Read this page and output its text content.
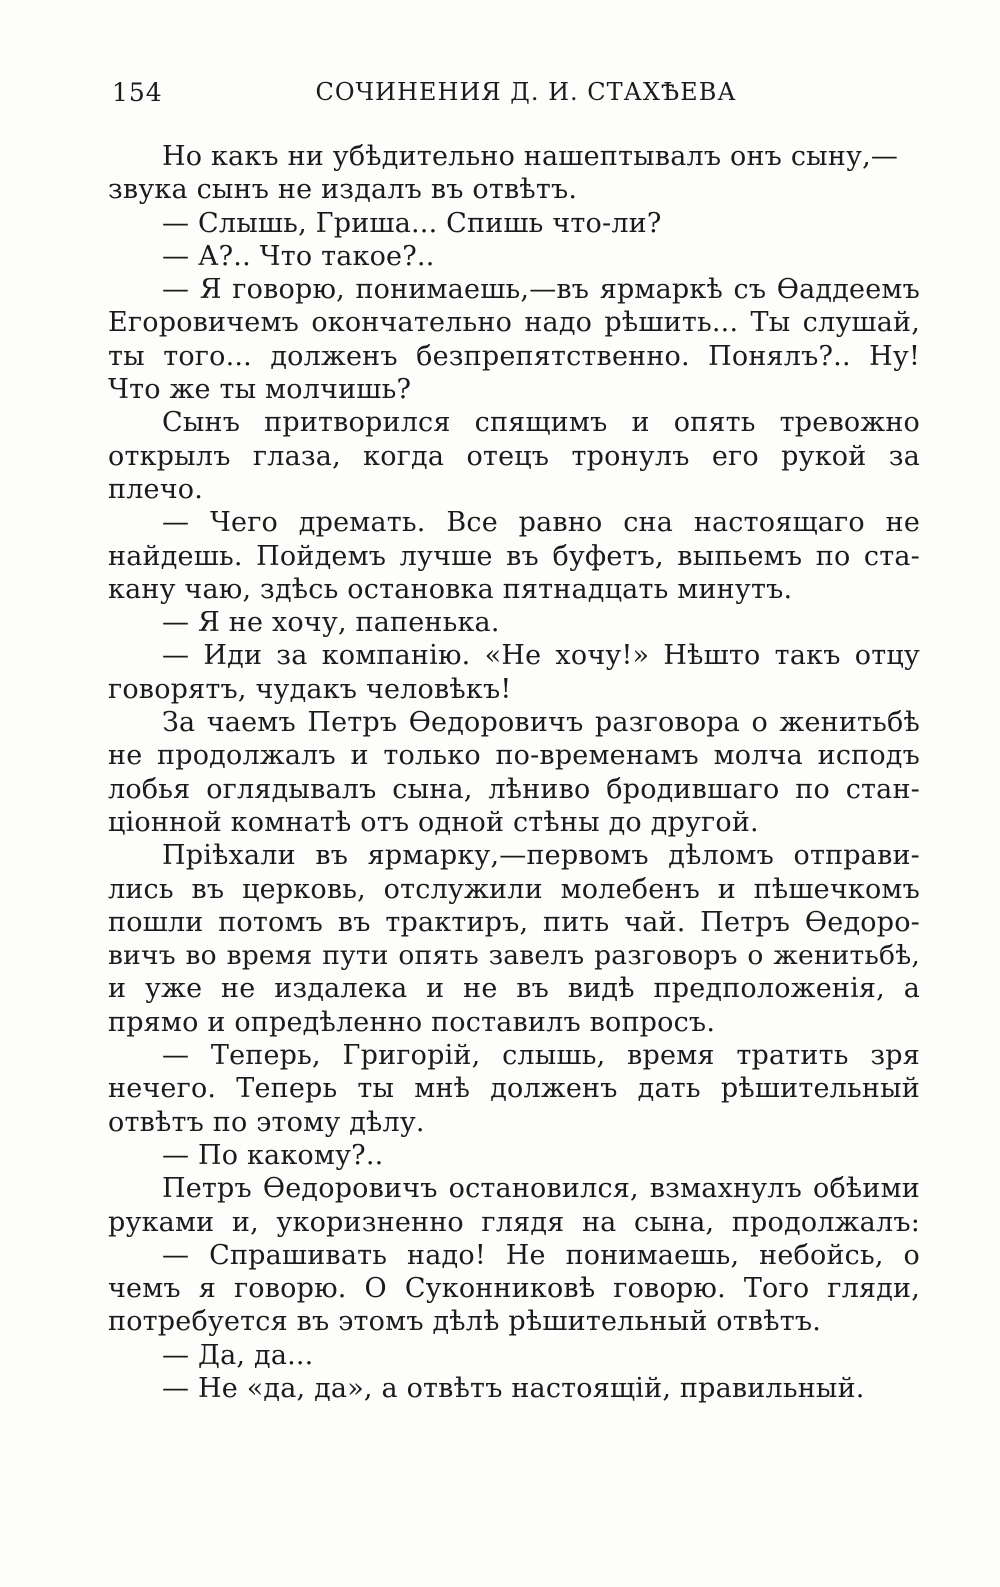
154	СОЧИНЕНИЯ Д. И. СТАХѢЕВА
Но какъ ни убѣдительно нашептывалъ онъ сыну,—
звука сынъ не издалъ въ отвѣтъ.
— Слышь, Гриша... Спишь что-ли?
— А?.. Что такое?..
— Я говорю, понимаешь,—въ ярмаркѣ съ Ѳаддеемъ
Егоровичемъ окончательно надо рѣшить... Ты слушай,
ты того... долженъ безпрепятственно. Понялъ?.. Ну!
Что же ты молчишь?
Сынъ притворился спящимъ и опять тревожно
открылъ глаза, когда отецъ тронулъ его рукой за
плечо.
— Чего дремать. Все равно сна настоящаго не
найдешь. Пойдемъ лучше въ буфетъ, выпьемъ по ста-
кану чаю, здѣсь остановка пятнадцать минутъ.
— Я не хочу, папенька.
— Иди за компанію. «Не хочу!» Нѣшто такъ отцу
говорятъ, чудакъ человѣкъ!
За чаемъ Петръ Ѳедоровичъ разговора о женитьбѣ
не продолжалъ и только по-временамъ молча исподъ
лобья оглядывалъ сына, лѣниво бродившаго по стан-
ціонной комнатѣ отъ одной стѣны до другой.
Пріѣхали въ ярмарку,—первомъ дѣломъ отправи-
лись въ церковь, отслужили молебенъ и пѣшечкомъ
пошли потомъ въ трактиръ, пить чай. Петръ Ѳедоро-
вичъ во время пути опять завелъ разговоръ о женитьбѣ,
и уже не издалека и не въ видѣ предположенія, а
прямо и опредѣленно поставилъ вопросъ.
— Теперь, Григорій, слышь, время тратить зря
нечего. Теперь ты мнѣ долженъ дать рѣшительный
отвѣтъ по этому дѣлу.
— По какому?..
Петръ Ѳедоровичъ остановился, взмахнулъ обѣими
руками и, укоризненно глядя на сына, продолжалъ:
— Спрашивать надо! Не понимаешь, небойсь, о
чемъ я говорю. О Суконниковѣ говорю. Того гляди,
потребуется въ этомъ дѣлѣ рѣшительный отвѣтъ.
— Да, да...
— Не «да, да», а отвѣтъ настоящій, правильный.
